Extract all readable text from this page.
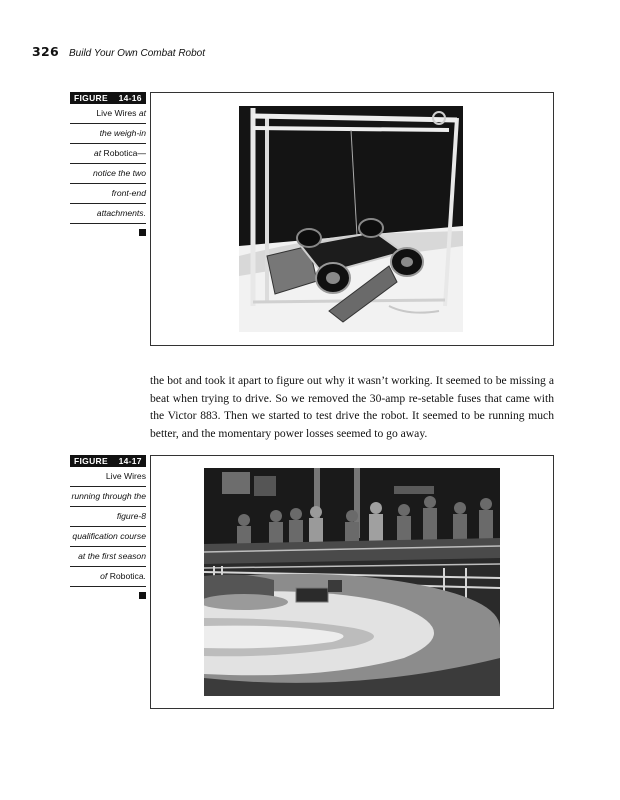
326 Build Your Own Combat Robot
FIGURE 14-16
Live Wires at
the weigh-in
at Robotica—
notice the two
front-end
attachments.

the bot and took it apart to figure out why it wasn’t working. It seemed to be missing a beat when trying to drive. So we removed the 30-amp re-setable fuses that came with the Victor 883. Then we started to test drive the robot. It seemed to be running much better, and the momentary power losses seemed to go away.

FIGURE 14-17
Live Wires
running through the
figure-8
qualification course
at the first season
of Robotica.
